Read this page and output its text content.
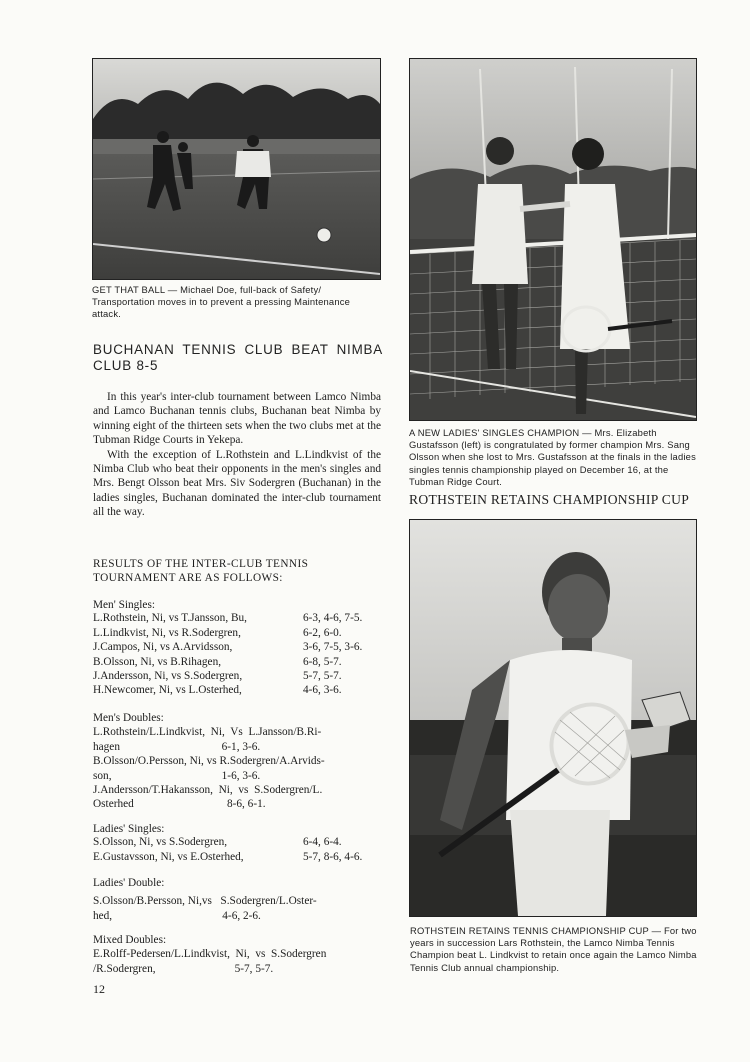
GET THAT BALL — Michael Doe, full-back of Safety/ Transportation moves in to prevent a pressing Maintenance attack.
BUCHANAN TENNIS CLUB BEAT NIMBA CLUB 8-5
In this year's inter-club tournament between Lamco Nimba and Lamco Buchanan tennis clubs, Buchanan beat Nimba by winning eight of the thirteen sets when the two clubs met at the Tubman Ridge Courts in Yekepa.
With the exception of L.Rothstein and L.Lindkvist of the Nimba Club who beat their opponents in the men's singles and Mrs. Bengt Olsson beat Mrs. Siv Sodergren (Buchanan) in the ladies singles, Buchanan dominated the inter-club tournament all the way.
RESULTS OF THE INTER-CLUB TENNIS TOURNAMENT ARE AS FOLLOWS:
Men' Singles:
L.Rothstein, Ni, vs T.Jansson, Bu,	6-3, 4-6, 7-5.
L.Lindkvist, Ni, vs R.Sodergren,	6-2, 6-0.
J.Campos, Ni, vs A.Arvidsson,	3-6, 7-5, 3-6.
B.Olsson, Ni, vs B.Rihagen,	6-8, 5-7.
J.Andersson, Ni, vs S.Sodergren,	5-7, 5-7.
H.Newcomer, Ni, vs L.Osterhed,	4-6, 3-6.
Men's Doubles:
L.Rothstein/L.Lindkvist,  Ni,  Vs  L.Jansson/B.Ri-
hagen                                    6-1, 3-6.
B.Olsson/O.Persson, Ni, vs R.Sodergren/A.Arvids-
son,                                       1-6, 3-6.
J.Andersson/T.Hakansson,  Ni,  vs  S.Sodergren/L.
Osterhed                                 8-6, 6-1.
Ladies' Singles:
S.Olsson, Ni, vs S.Sodergren,	6-4, 6-4.
E.Gustavsson, Ni, vs E.Osterhed,	5-7, 8-6, 4-6.
Ladies' Double:
S.Olsson/B.Persson, Ni,vs   S.Sodergren/L.Oster-
hed,                                       4-6, 2-6.
Mixed Doubles:
E.Rolff-Pedersen/L.Lindkvist,  Ni,  vs  S.Sodergren
/R.Sodergren,                            5-7, 5-7.
12
A NEW LADIES' SINGLES CHAMPION — Mrs. Elizabeth Gustafsson (left) is congratulated by former champion Mrs. Sang Olsson when she lost to Mrs. Gustafsson at the finals in the ladies singles tennis championship played on December 16, at the Tubman Ridge Court.
ROTHSTEIN RETAINS CHAMPIONSHIP CUP
ROTHSTEIN RETAINS TENNIS CHAMPIONSHIP CUP — For two years in succession Lars Rothstein, the Lamco Nimba Tennis Champion beat L. Lindkvist to retain once again the Lamco Nimba Tennis Club annual championship.
